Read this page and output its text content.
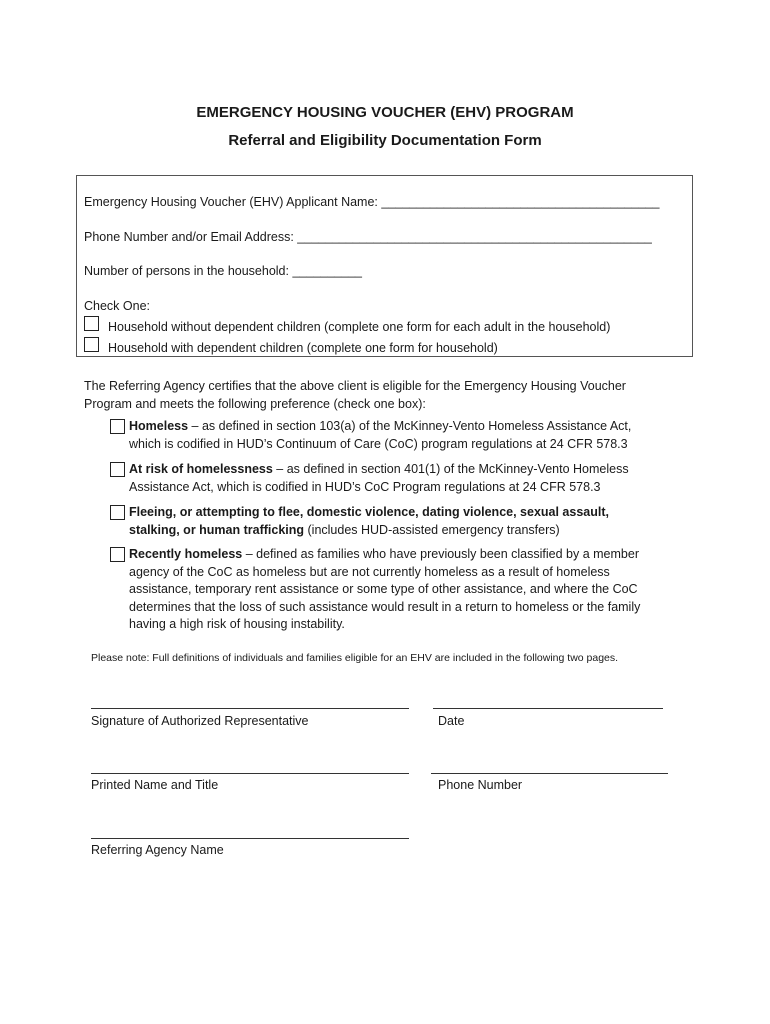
EMERGENCY HOUSING VOUCHER (EHV) PROGRAM
Referral and Eligibility Documentation Form
Emergency Housing Voucher (EHV) Applicant Name: ________________________________________
Phone Number and/or Email Address: ___________________________________________________
Number of persons in the household: __________
Check One:
Household without dependent children (complete one form for each adult in the household)
Household with dependent children (complete one form for household)
The Referring Agency certifies that the above client is eligible for the Emergency Housing Voucher Program and meets the following preference (check one box):
Homeless – as defined in section 103(a) of the McKinney-Vento Homeless Assistance Act, which is codified in HUD’s Continuum of Care (CoC) program regulations at 24 CFR 578.3
At risk of homelessness – as defined in section 401(1) of the McKinney-Vento Homeless Assistance Act, which is codified in HUD’s CoC Program regulations at 24 CFR 578.3
Fleeing, or attempting to flee, domestic violence, dating violence, sexual assault, stalking, or human trafficking (includes HUD-assisted emergency transfers)
Recently homeless – defined as families who have previously been classified by a member agency of the CoC as homeless but are not currently homeless as a result of homeless assistance, temporary rent assistance or some type of other assistance, and where the CoC determines that the loss of such assistance would result in a return to homeless or the family having a high risk of housing instability.
Please note: Full definitions of individuals and families eligible for an EHV are included in the following two pages.
Signature of Authorized Representative	Date
Printed Name and Title	Phone Number
Referring Agency Name
